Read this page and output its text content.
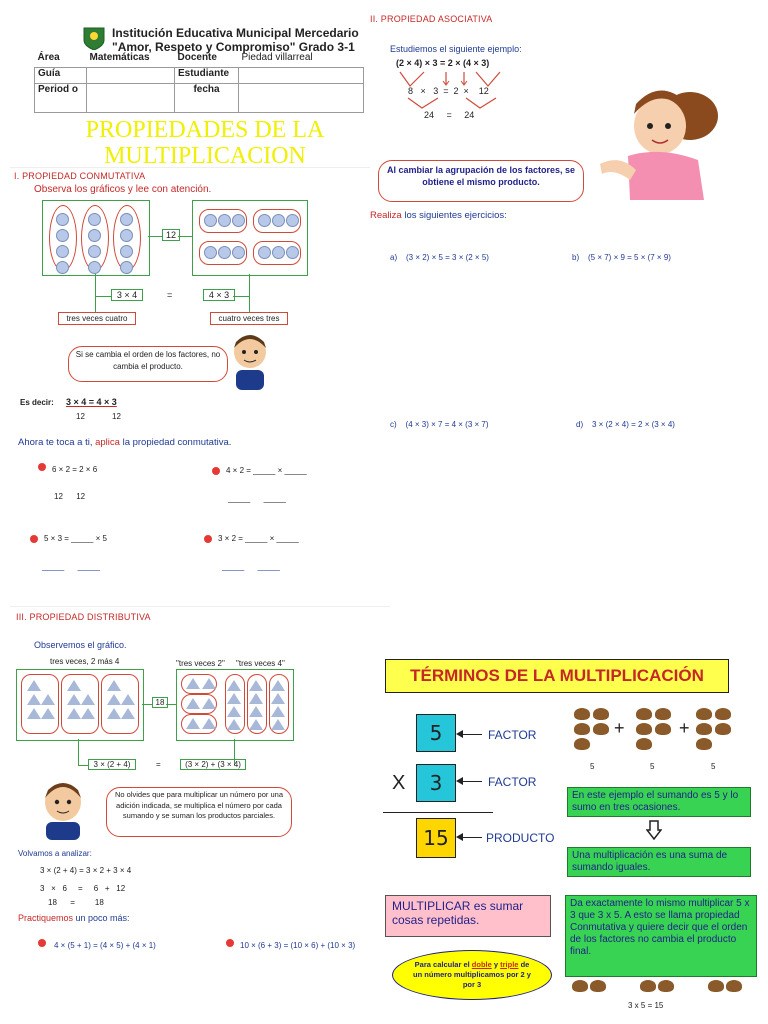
Institución Educativa Municipal Mercedario
"Amor, Respeto y Compromiso" Grado 3-1
Área	Matemáticas	Docente	Piedad villarreal
Guía		Estudiante	
Period o		fecha	
PROPIEDADES DE LA MULTIPLICACION
I. PROPIEDAD CONMUTATIVA
Observa los gráficos y lee con atención.
12
3 × 4	=	4 × 3
tres veces cuatro	cuatro veces tres
Si se cambia el orden de los factores, no cambia el producto.
Es decir: 3 × 4 = 4 × 3
12	12
Ahora te toca a ti, aplica la propiedad conmutativa.
6 × 2 = 2 × 6
12      12
4 × 2 = _____ × _____
_____      _____
5 × 3 = _____ × 5
_____      _____
3 × 2 = _____ × _____
_____      _____
II. PROPIEDAD ASOCIATIVA
Estudiemos el siguiente ejemplo:
(2 × 4) × 3 = 2 × (4 × 3)
8   ×   3  =  2  ×    12
24     =     24
Al cambiar la agrupación de los factores, se obtiene el mismo producto.
Realiza los siguientes ejercicios:
a)    (3 × 2) × 5 = 3 × (2 × 5)	b)    (5 × 7) × 9 = 5 × (7 × 9)
c)    (4 × 3) × 7 = 4 × (3 × 7)	d)    3 × (2 × 4) = 2 × (3 × 4)
III. PROPIEDAD DISTRIBUTIVA
Observemos el gráfico.
tres veces, 2 más 4	"tres veces 2" "tres veces 4"
18
3 × (2 + 4)	=	(3 × 2) + (3 × 4)
No olvides que para multiplicar un número por una adición indicada, se multiplica el número por cada sumando y se suman los productos parciales.
Volvamos a analizar:
3 × (2 + 4) = 3 × 2 + 3 × 4
3   ×   6     =     6   +   12
18      =         18
Practiquemos un poco más:
4 × (5 + 1) = (4 × 5) + (4 × 1)	10 × (6 + 3) = (10 × 6) + (10 × 3)
TÉRMINOS DE LA MULTIPLICACIÓN
5	FACTOR
X	3	FACTOR
15	PRODUCTO
+	+
5	5	5
En este ejemplo el sumando es 5 y lo sumo en tres ocasiones.
Una multiplicación es una suma de sumando iguales.
MULTIPLICAR es sumar cosas repetidas.
Da exactamente lo mismo multiplicar 5 x 3 que 3 x 5. A esto se llama propiedad Conmutativa y quiere decir que el orden de los factores no cambia el producto final.
Para calcular el doble y triple de un número multiplicamos por 2 y por 3
3 x 5 = 15
